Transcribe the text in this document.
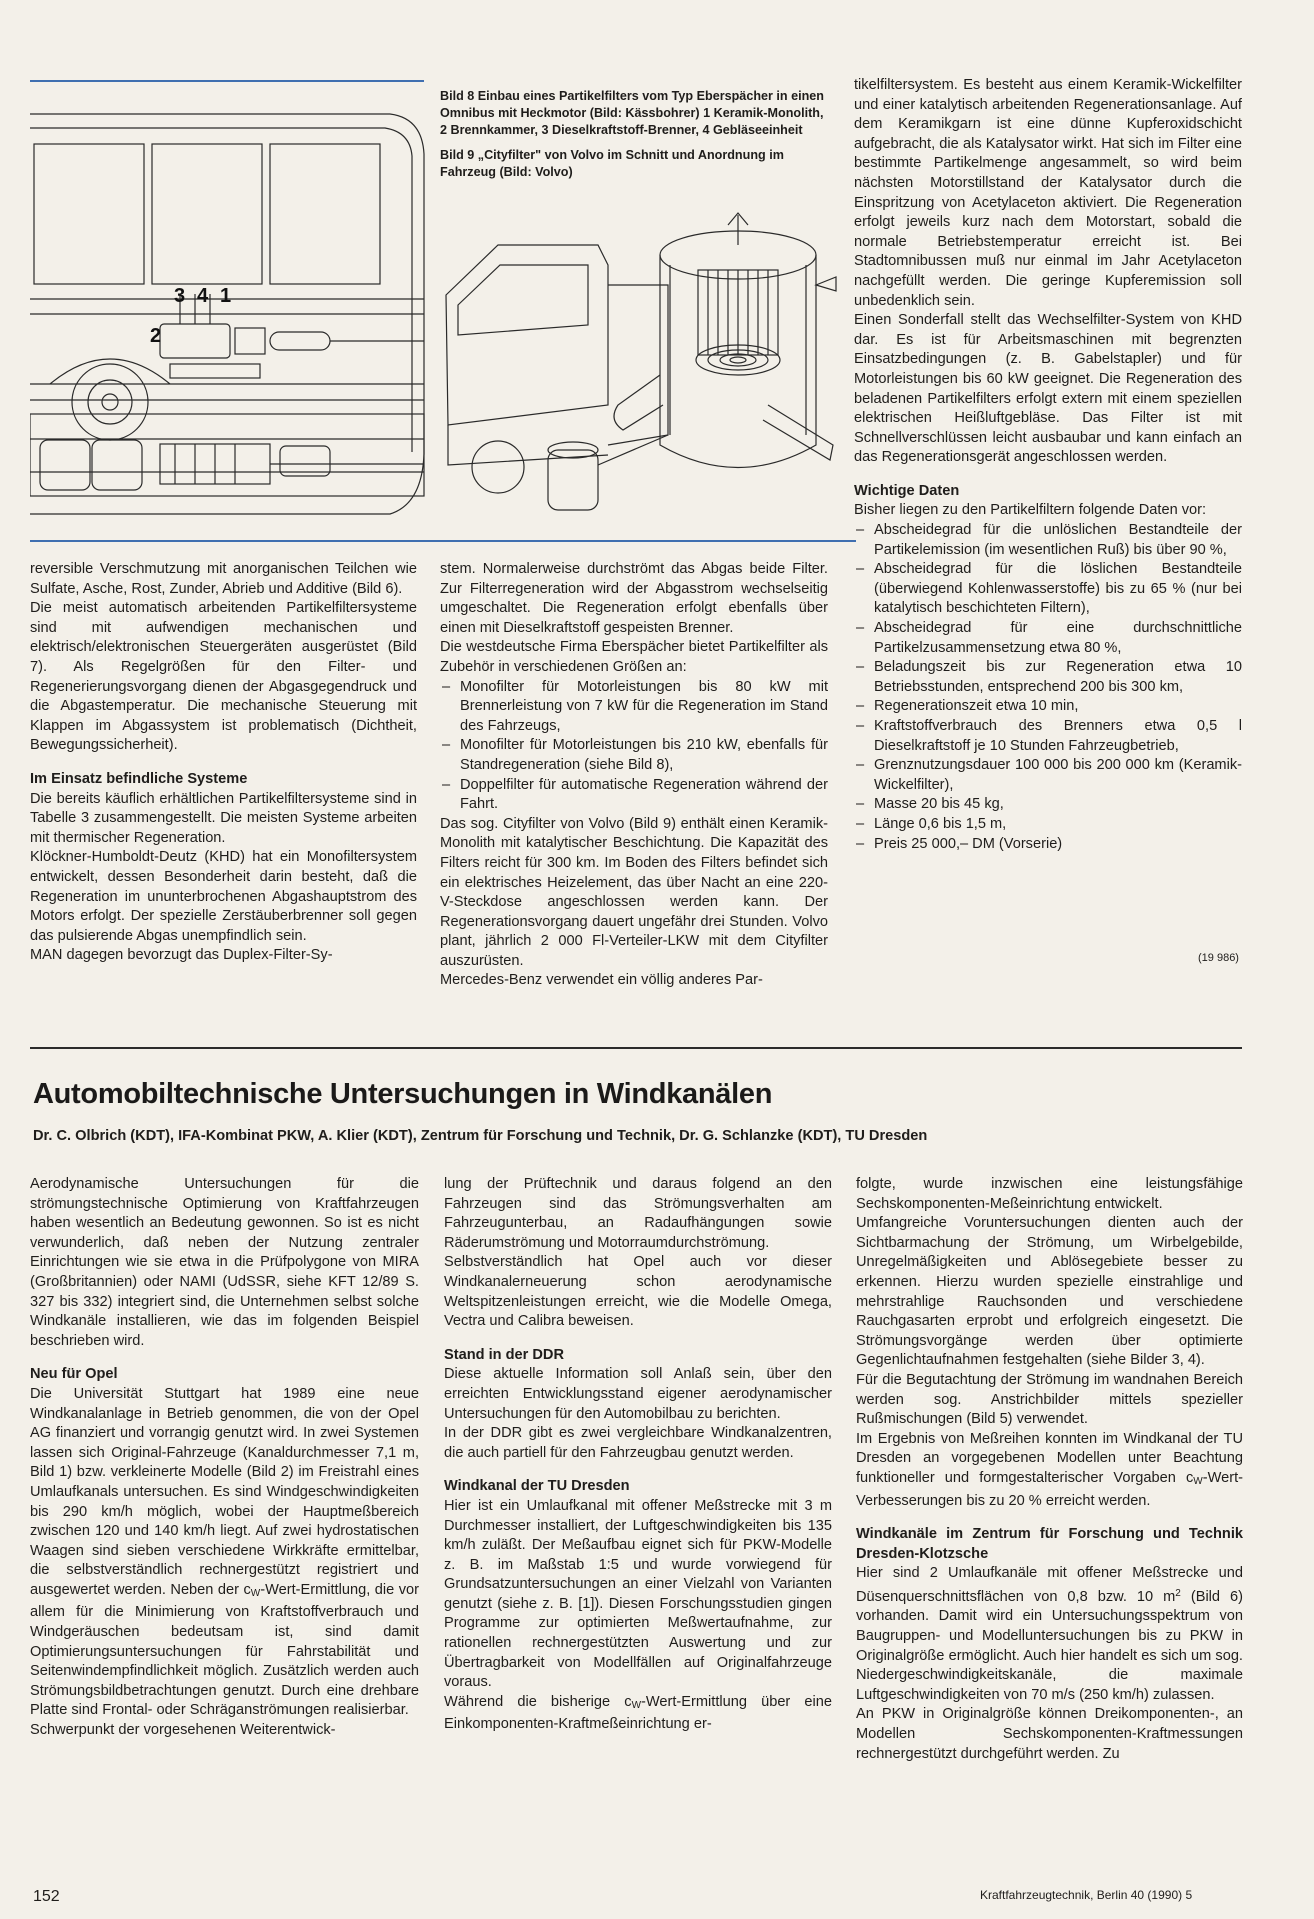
3 4 1
2

Bild 8 Einbau eines Partikelfilters vom Typ Eberspächer in einen Omnibus mit Heckmotor (Bild: Kässbohrer) 1 Keramik-Monolith, 2 Brennkammer, 3 Dieselkraftstoff-Brenner, 4 Gebläseeinheit

Bild 9 „Cityfilter" von Volvo im Schnitt und Anordnung im Fahrzeug (Bild: Volvo)

reversible Verschmutzung mit anorganischen Teilchen wie Sulfate, Asche, Rost, Zunder, Abrieb und Additive (Bild 6).

Die meist automatisch arbeitenden Partikelfiltersysteme sind mit aufwendigen mechanischen und elektrisch/elektronischen Steuergeräten ausgerüstet (Bild 7). Als Regelgrößen für den Filter- und Regenerierungsvorgang dienen der Abgasgegendruck und die Abgastemperatur. Die mechanische Steuerung mit Klappen im Abgassystem ist problematisch (Dichtheit, Bewegungssicherheit).

Im Einsatz befindliche Systeme

Die bereits käuflich erhältlichen Partikelfiltersysteme sind in Tabelle 3 zusammengestellt. Die meisten Systeme arbeiten mit thermischer Regeneration.

Klöckner-Humboldt-Deutz (KHD) hat ein Monofiltersystem entwickelt, dessen Besonderheit darin besteht, daß die Regeneration im ununterbrochenen Abgashauptstrom des Motors erfolgt. Der spezielle Zerstäuberbrenner soll gegen das pulsierende Abgas unempfindlich sein.

MAN dagegen bevorzugt das Duplex-Filter-Sy-

stem. Normalerweise durchströmt das Abgas beide Filter. Zur Filterregeneration wird der Abgasstrom wechselseitig umgeschaltet. Die Regeneration erfolgt ebenfalls über einen mit Dieselkraftstoff gespeisten Brenner.

Die westdeutsche Firma Eberspächer bietet Partikelfilter als Zubehör in verschiedenen Größen an:

– Monofilter für Motorleistungen bis 80 kW mit Brennerleistung von 7 kW für die Regeneration im Stand des Fahrzeugs,
– Monofilter für Motorleistungen bis 210 kW, ebenfalls für Standregeneration (siehe Bild 8),
– Doppelfilter für automatische Regeneration während der Fahrt.

Das sog. Cityfilter von Volvo (Bild 9) enthält einen Keramik-Monolith mit katalytischer Beschichtung. Die Kapazität des Filters reicht für 300 km. Im Boden des Filters befindet sich ein elektrisches Heizelement, das über Nacht an eine 220-V-Steckdose angeschlossen werden kann. Der Regenerationsvorgang dauert ungefähr drei Stunden. Volvo plant, jährlich 2 000 Fl-Verteiler-LKW mit dem Cityfilter auszurüsten.

Mercedes-Benz verwendet ein völlig anderes Par-

tikelfiltersystem. Es besteht aus einem Keramik-Wickelfilter und einer katalytisch arbeitenden Regenerationsanlage. Auf dem Keramikgarn ist eine dünne Kupferoxidschicht aufgebracht, die als Katalysator wirkt. Hat sich im Filter eine bestimmte Partikelmenge angesammelt, so wird beim nächsten Motorstillstand der Katalysator durch die Einspritzung von Acetylaceton aktiviert. Die Regeneration erfolgt jeweils kurz nach dem Motorstart, sobald die normale Betriebstemperatur erreicht ist. Bei Stadtomnibussen muß nur einmal im Jahr Acetylaceton nachgefüllt werden. Die geringe Kupferemission soll unbedenklich sein.

Einen Sonderfall stellt das Wechselfilter-System von KHD dar. Es ist für Arbeitsmaschinen mit begrenzten Einsatzbedingungen (z. B. Gabelstapler) und für Motorleistungen bis 60 kW geeignet. Die Regeneration des beladenen Partikelfilters erfolgt extern mit einem speziellen elektrischen Heißluftgebläse. Das Filter ist mit Schnellverschlüssen leicht ausbaubar und kann einfach an das Regenerationsgerät angeschlossen werden.

Wichtige Daten

Bisher liegen zu den Partikelfiltern folgende Daten vor:

– Abscheidegrad für die unlöslichen Bestandteile der Partikelemission (im wesentlichen Ruß) bis über 90 %,
– Abscheidegrad für die löslichen Bestandteile (überwiegend Kohlenwasserstoffe) bis zu 65 % (nur bei katalytisch beschichteten Filtern),
– Abscheidegrad für eine durchschnittliche Partikelzusammensetzung etwa 80 %,
– Beladungszeit bis zur Regeneration etwa 10 Betriebsstunden, entsprechend 200 bis 300 km,
– Regenerationszeit etwa 10 min,
– Kraftstoffverbrauch des Brenners etwa 0,5 l Dieselkraftstoff je 10 Stunden Fahrzeugbetrieb,
– Grenznutzungsdauer 100 000 bis 200 000 km (Keramik-Wickelfilter),
– Masse 20 bis 45 kg,
– Länge 0,6 bis 1,5 m,
– Preis 25 000,– DM (Vorserie)
(19 986)
Automobiltechnische Untersuchungen in Windkanälen
Dr. C. Olbrich (KDT), IFA-Kombinat PKW, A. Klier (KDT), Zentrum für Forschung und Technik, Dr. G. Schlanzke (KDT), TU Dresden

Aerodynamische Untersuchungen für die strömungstechnische Optimierung von Kraftfahrzeugen haben wesentlich an Bedeutung gewonnen. So ist es nicht verwunderlich, daß neben der Nutzung zentraler Einrichtungen wie sie etwa in die Prüfpolygone von MIRA (Großbritannien) oder NAMI (UdSSR, siehe KFT 12/89 S. 327 bis 332) integriert sind, die Unternehmen selbst solche Windkanäle installieren, wie das im folgenden Beispiel beschrieben wird.

Neu für Opel

Die Universität Stuttgart hat 1989 eine neue Windkanalanlage in Betrieb genommen, die von der Opel AG finanziert und vorrangig genutzt wird. In zwei Systemen lassen sich Original-Fahrzeuge (Kanaldurchmesser 7,1 m, Bild 1) bzw. verkleinerte Modelle (Bild 2) im Freistrahl eines Umlaufkanals untersuchen. Es sind Windgeschwindigkeiten bis 290 km/h möglich, wobei der Hauptmeßbereich zwischen 120 und 140 km/h liegt. Auf zwei hydrostatischen Waagen sind sieben verschiedene Wirkkräfte ermittelbar, die selbstverständlich rechnergestützt registriert und ausgewertet werden. Neben der $c_W-Wert$-Ermittlung, die vor allem für die Minimierung von Kraftstoffverbrauch und Windgeräuschen bedeutsam ist, sind damit Optimierungsuntersuchungen für Fahrstabilität und Seitenwindempfindlichkeit möglich. Zusätzlich werden auch Strömungsbildbetrachtungen genutzt. Durch eine drehbare Platte sind Frontal- oder Schräganströmungen realisierbar.

Schwerpunkt der vorgesehenen Weiterentwick-

lung der Prüftechnik und daraus folgend an den Fahrzeugen sind das Strömungsverhalten am Fahrzeugunterbau, an Radaufhängungen sowie Räderumströmung und Motorraumdurchströmung.

Selbstverständlich hat Opel auch vor dieser Windkanalerneuerung schon aerodynamische Weltspitzenleistungen erreicht, wie die Modelle Omega, Vectra und Calibra beweisen.

Stand in der DDR

Diese aktuelle Information soll Anlaß sein, über den erreichten Entwicklungsstand eigener aerodynamischer Untersuchungen für den Automobilbau zu berichten.

In der DDR gibt es zwei vergleichbare Windkanalzentren, die auch partiell für den Fahrzeugbau genutzt werden.

Windkanal der TU Dresden

Hier ist ein Umlaufkanal mit offener Meßstrecke mit 3 m Durchmesser installiert, der Luftgeschwindigkeiten bis 135 km/h zuläßt. Der Meßaufbau eignet sich für PKW-Modelle z. B. im Maßstab 1:5 und wurde vorwiegend für Grundsatzuntersuchungen an einer Vielzahl von Varianten genutzt (siehe z. B. [1]). Diesen Forschungsstudien gingen Programme zur optimierten Meßwertaufnahme, zur rationellen rechnergestützten Auswertung und zur Übertragbarkeit von Modellfällen auf Originalfahrzeuge voraus.

Während die bisherige $c_W-Wert$-Ermittlung über eine Einkomponenten-Kraftmeßeinrichtung er-

folgte, wurde inzwischen eine leistungsfähige Sechskomponenten-Meßeinrichtung entwickelt.

Umfangreiche Voruntersuchungen dienten auch der Sichtbarmachung der Strömung, um Wirbelgebilde, Unregelmäßigkeiten und Ablösegebiete besser zu erkennen. Hierzu wurden spezielle einstrahlige und mehrstrahlige Rauchsonden und verschiedene Rauchgasarten erprobt und erfolgreich eingesetzt. Die Strömungsvorgänge werden über optimierte Gegenlichtaufnahmen festgehalten (siehe Bilder 3, 4).

Für die Begutachtung der Strömung im wandnahen Bereich werden sog. Anstrichbilder mittels spezieller Rußmischungen (Bild 5) verwendet.

Im Ergebnis von Meßreihen konnten im Windkanal der TU Dresden an vorgegebenen Modellen unter Beachtung funktioneller und formgestalterischer Vorgaben $c_W-Wert$-Verbesserungen bis zu 20 % erreicht werden.

Windkanäle im Zentrum für Forschung und Technik Dresden-Klotzsche

Hier sind 2 Umlaufkanäle mit offener Meßstrecke und Düsenquerschnittsflächen von 0,8 bzw. 10 $m^2$ (Bild 6) vorhanden. Damit wird ein Untersuchungsspektrum von Baugruppen- und Modelluntersuchungen bis zu PKW in Originalgröße ermöglicht. Auch hier handelt es sich um sog. Niedergeschwindigkeitskanäle, die maximale Luftgeschwindigkeiten von 70 m/s (250 km/h) zulassen.

An PKW in Originalgröße können Dreikomponenten-, an Modellen Sechskomponenten-Kraftmessungen rechnergestützt durchgeführt werden. Zu

152	Kraftfahrzeugtechnik, Berlin 40 (1990) 5
